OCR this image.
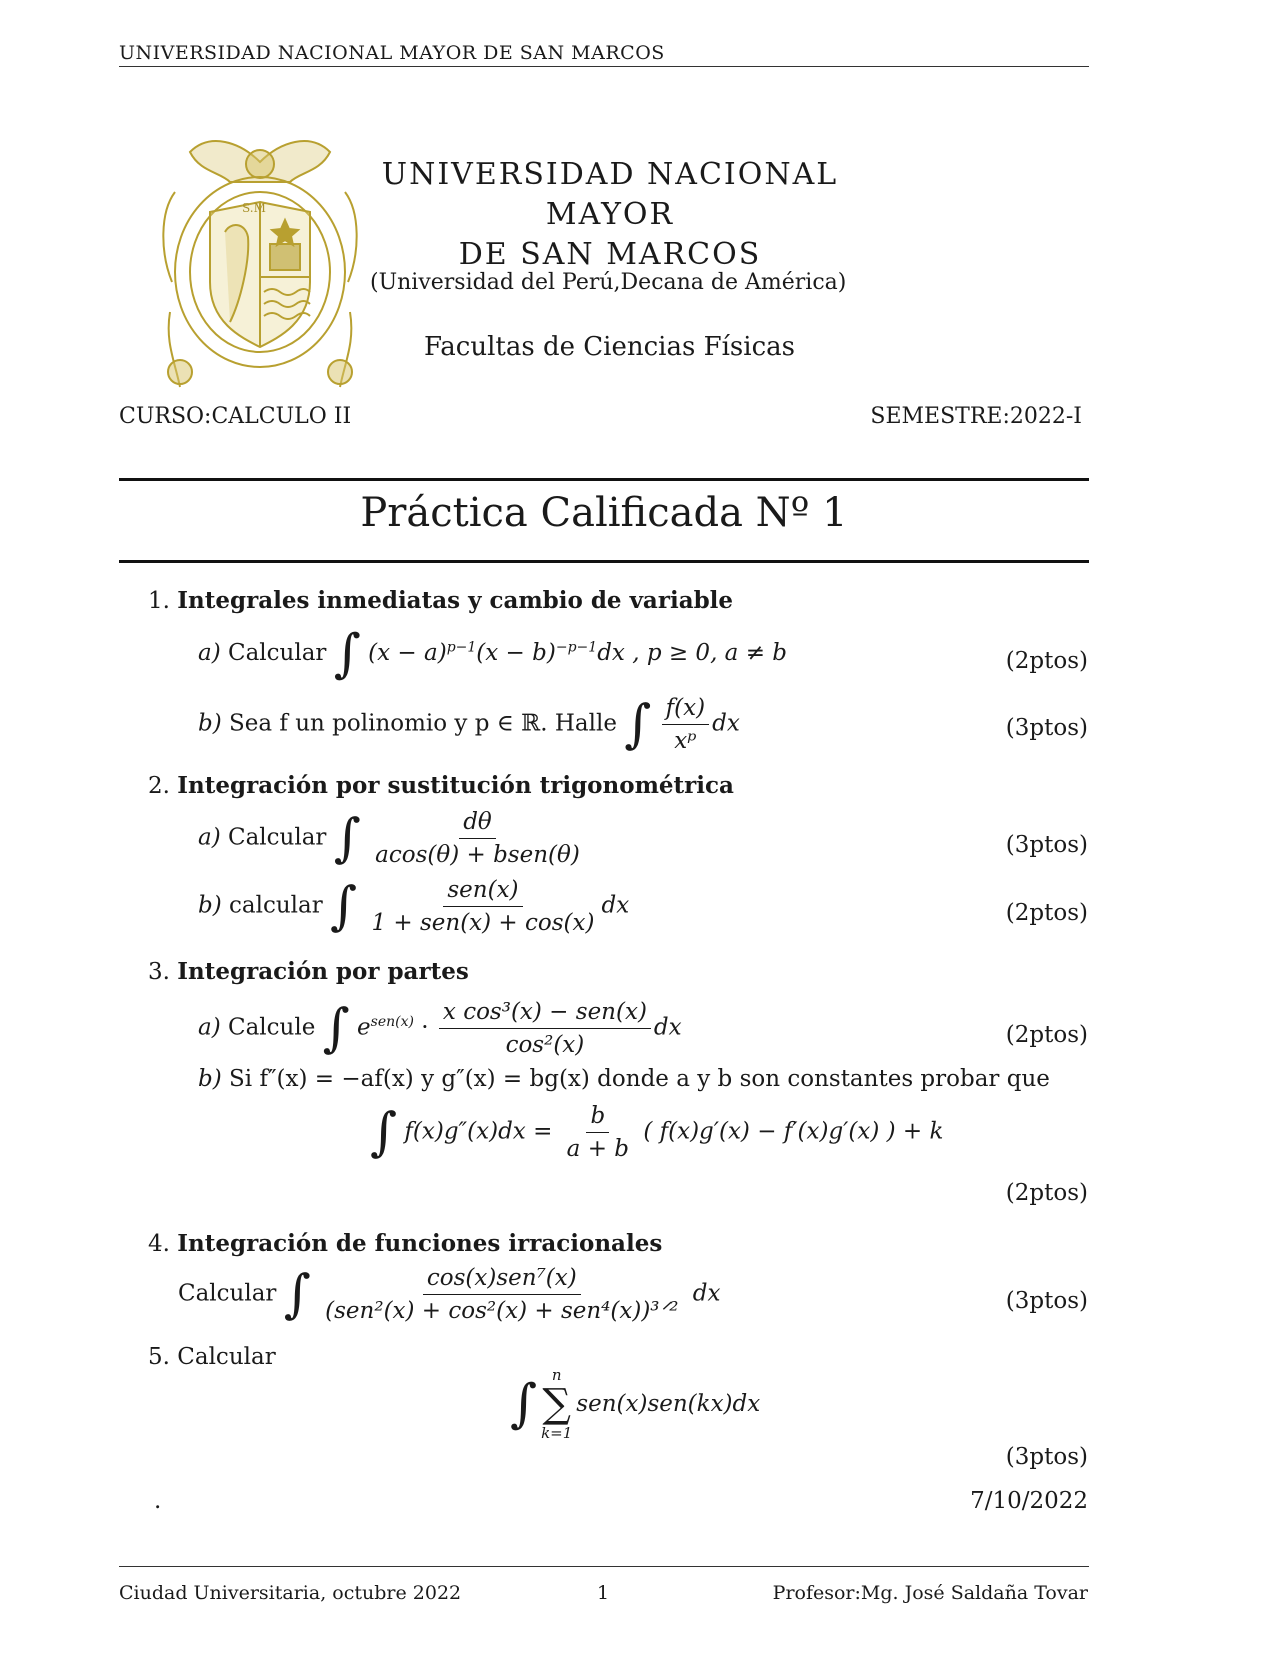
UNIVERSIDAD NACIONAL MAYOR DE SAN MARCOS
S.M
UNIVERSIDAD NACIONAL MAYOR
DE SAN MARCOS
(Universidad del Perú,Decana de América)
Facultas de Ciencias Físicas
CURSO:CALCULO II	SEMESTRE:2022-I
Práctica Calificada Nº 1
1. Integrales inmediatas y cambio de variable
a) Calcular ∫ $(x - a)^{p-1}(x - b)^{-p-1}dx$ , p ≥ 0, a ≠ b	(2ptos)
b) Sea f un polinomio y p ∈ ℝ. Halle ∫ $\frac{f(x)}{\text{xᵖ}}$ dx	(3ptos)
2. Integración por sustitución trigonométrica
a) Calcular ∫ $\frac{d\theta}{\text{acos(θ) + bsen(θ)}}$	(3ptos)
b) calcular ∫ $\frac{\text{sen(x)}}{\text{1 + sen(x) + cos(x)}}$ dx	(2ptos)
3. Integración por partes
a) Calcule ∫ $e^{sen(x)} \cdot \frac{\text{x cos³(x) − sen(x)}}{\text{cos²(x)}}$ dx	(2ptos)
b) Si f″(x) = −af(x) y g″(x) = bg(x) donde a y b son constantes probar que
∫ $f(x)g''(x)dx = \frac{b}{a + b}$ ( f(x)g′(x) − f′(x)g′(x) ) + k
(2ptos)
4. Integración de funciones irracionales
Calcular ∫ $\frac{\text{cos(x)sen⁷(x)}}{\text{(sen²(x) + cos²(x) + sen⁴(x))³ᐟ²}}$ dx	(3ptos)
5. Calcular
∫ n
∑
k=1
sen(x)sen(kx)dx
(3ptos)
.	7/10/2022
Ciudad Universitaria, octubre 2022	1	Profesor:Mg. José Saldaña Tovar
